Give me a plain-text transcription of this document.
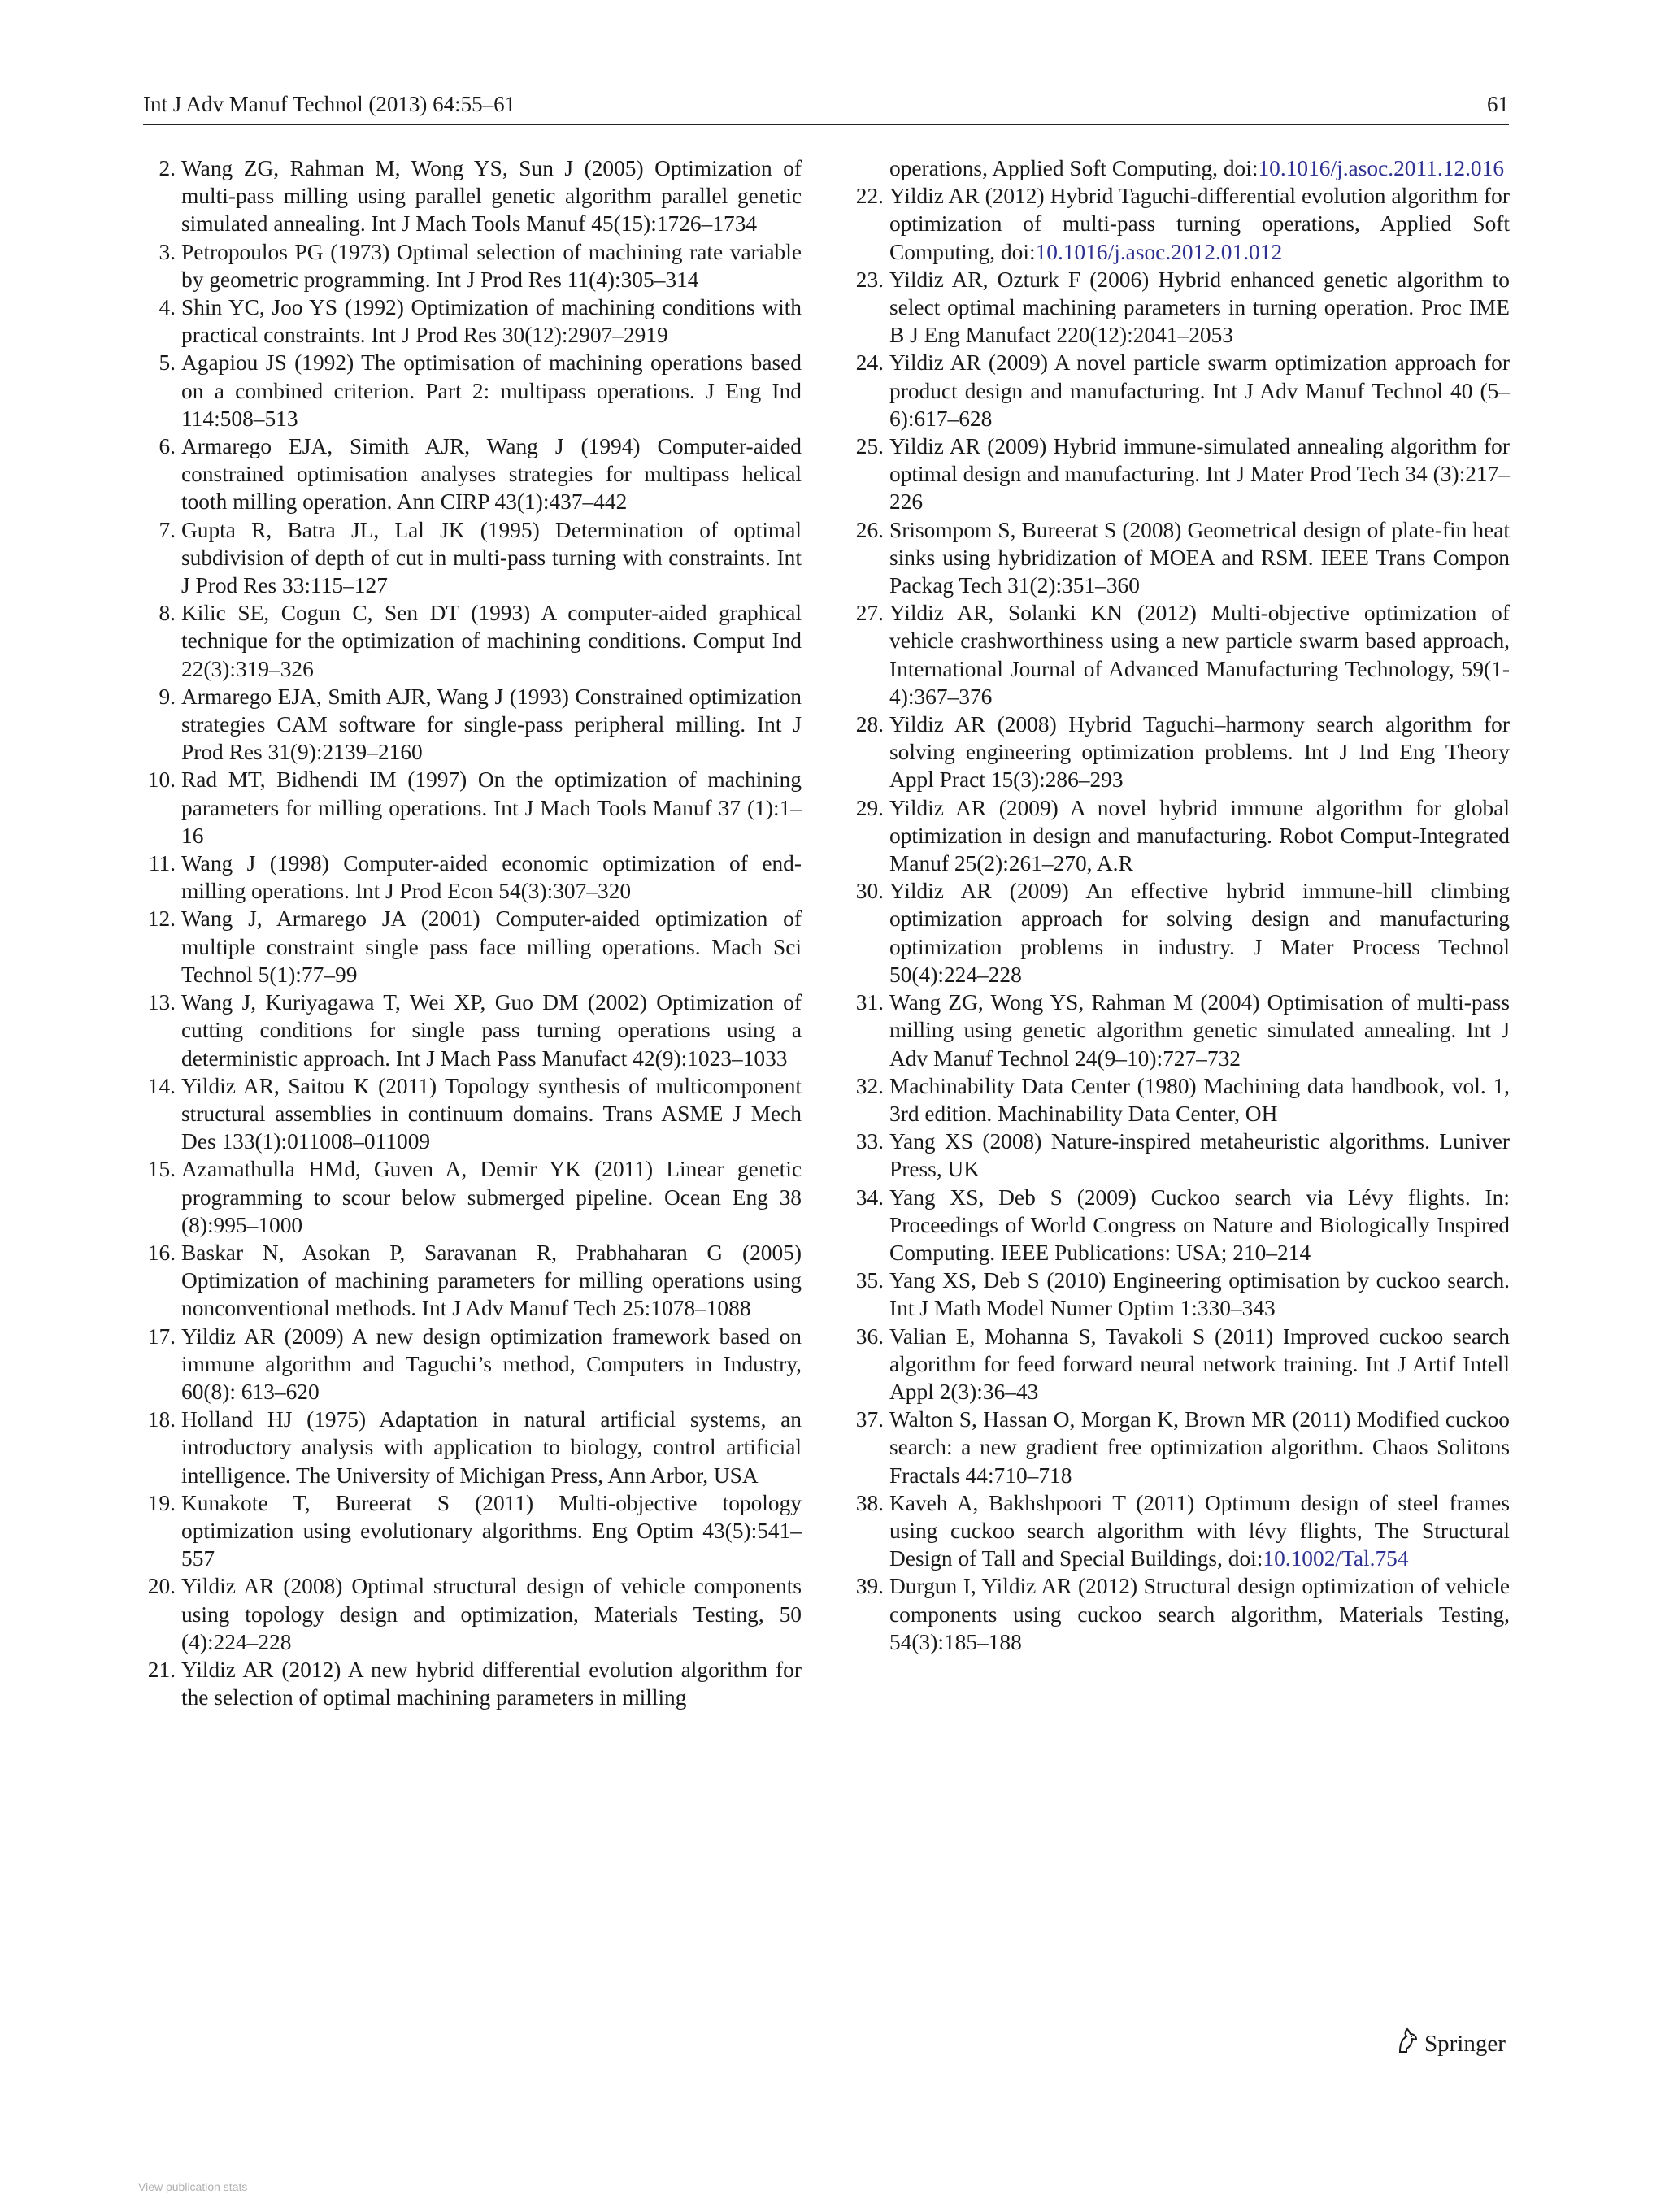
Int J Adv Manuf Technol (2013) 64:55–61	61

2. Wang ZG, Rahman M, Wong YS, Sun J (2005) Optimization of multi-pass milling using parallel genetic algorithm parallel genetic simulated annealing. Int J Mach Tools Manuf 45(15):1726–1734

3. Petropoulos PG (1973) Optimal selection of machining rate variable by geometric programming. Int J Prod Res 11(4):305–314

4. Shin YC, Joo YS (1992) Optimization of machining conditions with practical constraints. Int J Prod Res 30(12):2907–2919

5. Agapiou JS (1992) The optimisation of machining operations based on a combined criterion. Part 2: multipass operations. J Eng Ind 114:508–513

6. Armarego EJA, Simith AJR, Wang J (1994) Computer-aided constrained optimisation analyses strategies for multipass helical tooth milling operation. Ann CIRP 43(1):437–442

7. Gupta R, Batra JL, Lal JK (1995) Determination of optimal subdivision of depth of cut in multi-pass turning with constraints. Int J Prod Res 33:115–127

8. Kilic SE, Cogun C, Sen DT (1993) A computer-aided graphical technique for the optimization of machining conditions. Comput Ind 22(3):319–326

9. Armarego EJA, Smith AJR, Wang J (1993) Constrained optimization strategies CAM software for single-pass peripheral milling. Int J Prod Res 31(9):2139–2160

10. Rad MT, Bidhendi IM (1997) On the optimization of machining parameters for milling operations. Int J Mach Tools Manuf 37 (1):1–16

11. Wang J (1998) Computer-aided economic optimization of end-milling operations. Int J Prod Econ 54(3):307–320

12. Wang J, Armarego JA (2001) Computer-aided optimization of multiple constraint single pass face milling operations. Mach Sci Technol 5(1):77–99

13. Wang J, Kuriyagawa T, Wei XP, Guo DM (2002) Optimization of cutting conditions for single pass turning operations using a deterministic approach. Int J Mach Pass Manufact 42(9):1023–1033

14. Yildiz AR, Saitou K (2011) Topology synthesis of multicomponent structural assemblies in continuum domains. Trans ASME J Mech Des 133(1):011008–011009

15. Azamathulla HMd, Guven A, Demir YK (2011) Linear genetic programming to scour below submerged pipeline. Ocean Eng 38 (8):995–1000

16. Baskar N, Asokan P, Saravanan R, Prabhaharan G (2005) Optimization of machining parameters for milling operations using nonconventional methods. Int J Adv Manuf Tech 25:1078–1088

17. Yildiz AR (2009) A new design optimization framework based on immune algorithm and Taguchi’s method, Computers in Industry, 60(8): 613–620

18. Holland HJ (1975) Adaptation in natural artificial systems, an introductory analysis with application to biology, control artificial intelligence. The University of Michigan Press, Ann Arbor, USA

19. Kunakote T, Bureerat S (2011) Multi-objective topology optimization using evolutionary algorithms. Eng Optim 43(5):541–557

20. Yildiz AR (2008) Optimal structural design of vehicle components using topology design and optimization, Materials Testing, 50 (4):224–228

21. Yildiz AR (2012) A new hybrid differential evolution algorithm for the selection of optimal machining parameters in milling

operations, Applied Soft Computing, doi:10.1016/j.asoc.2011.12.016

22. Yildiz AR (2012) Hybrid Taguchi-differential evolution algorithm for optimization of multi-pass turning operations, Applied Soft Computing, doi:10.1016/j.asoc.2012.01.012

23. Yildiz AR, Ozturk F (2006) Hybrid enhanced genetic algorithm to select optimal machining parameters in turning operation. Proc IME B J Eng Manufact 220(12):2041–2053

24. Yildiz AR (2009) A novel particle swarm optimization approach for product design and manufacturing. Int J Adv Manuf Technol 40 (5–6):617–628

25. Yildiz AR (2009) Hybrid immune-simulated annealing algorithm for optimal design and manufacturing. Int J Mater Prod Tech 34 (3):217–226

26. Srisompom S, Bureerat S (2008) Geometrical design of plate-fin heat sinks using hybridization of MOEA and RSM. IEEE Trans Compon Packag Tech 31(2):351–360

27. Yildiz AR, Solanki KN (2012) Multi-objective optimization of vehicle crashworthiness using a new particle swarm based approach, International Journal of Advanced Manufacturing Technology, 59(1-4):367–376

28. Yildiz AR (2008) Hybrid Taguchi–harmony search algorithm for solving engineering optimization problems. Int J Ind Eng Theory Appl Pract 15(3):286–293

29. Yildiz AR (2009) A novel hybrid immune algorithm for global optimization in design and manufacturing. Robot Comput-Integrated Manuf 25(2):261–270, A.R

30. Yildiz AR (2009) An effective hybrid immune-hill climbing optimization approach for solving design and manufacturing optimization problems in industry. J Mater Process Technol 50(4):224–228

31. Wang ZG, Wong YS, Rahman M (2004) Optimisation of multi-pass milling using genetic algorithm genetic simulated annealing. Int J Adv Manuf Technol 24(9–10):727–732

32. Machinability Data Center (1980) Machining data handbook, vol. 1, 3rd edition. Machinability Data Center, OH

33. Yang XS (2008) Nature-inspired metaheuristic algorithms. Luniver Press, UK

34. Yang XS, Deb S (2009) Cuckoo search via Lévy flights. In: Proceedings of World Congress on Nature and Biologically Inspired Computing. IEEE Publications: USA; 210–214

35. Yang XS, Deb S (2010) Engineering optimisation by cuckoo search. Int J Math Model Numer Optim 1:330–343

36. Valian E, Mohanna S, Tavakoli S (2011) Improved cuckoo search algorithm for feed forward neural network training. Int J Artif Intell Appl 2(3):36–43

37. Walton S, Hassan O, Morgan K, Brown MR (2011) Modified cuckoo search: a new gradient free optimization algorithm. Chaos Solitons Fractals 44:710–718

38. Kaveh A, Bakhshpoori T (2011) Optimum design of steel frames using cuckoo search algorithm with lévy flights, The Structural Design of Tall and Special Buildings, doi:10.1002/Tal.754

39. Durgun I, Yildiz AR (2012) Structural design optimization of vehicle components using cuckoo search algorithm, Materials Testing, 54(3):185–188

Springer
View publication stats
